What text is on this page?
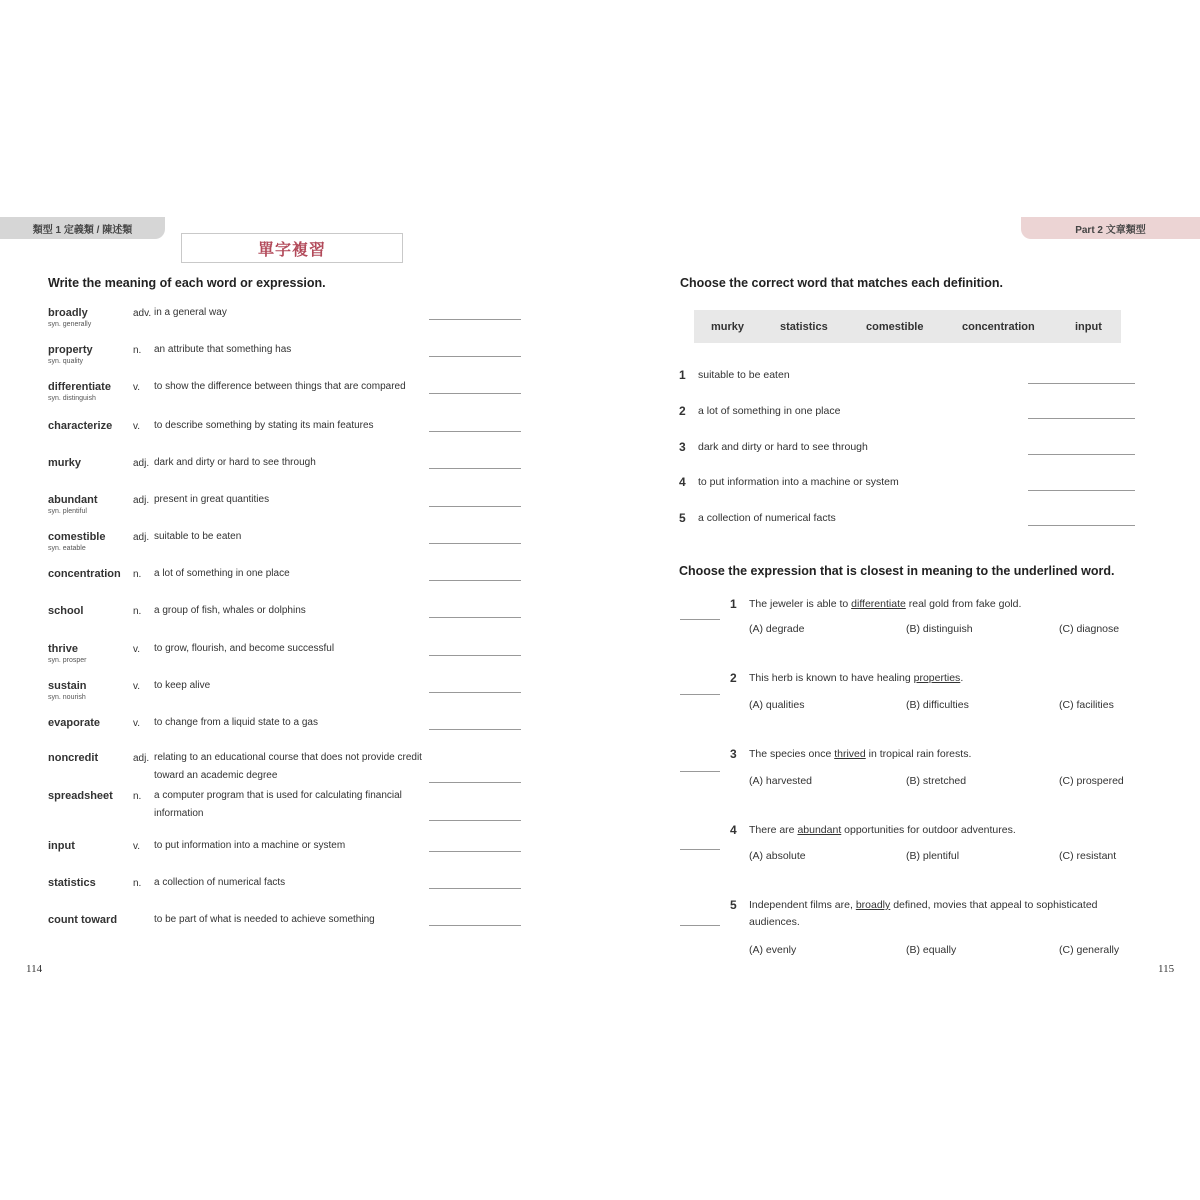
類型 1 定義類 / 陳述類	Part 2 文章類型
單字複習
Write the meaning of each word or expression.
broadly
syn. generally
adv. in a general way
property
syn. quality
n. an attribute that something has
differentiate
syn. distinguish
v. to show the difference between things that are compared
characterize v. to describe something by stating its main features
murky	adj. dark and dirty or hard to see through
abundant
syn. plentiful
adj. present in great quantities
comestible
syn. eatable
adj. suitable to be eaten
concentration n. a lot of something in one place
school	n. a group of fish, whales or dolphins
thrive
syn. prosper
v. to grow, flourish, and become successful
sustain
syn. nourish
v. to keep alive
evaporate	v. to change from a liquid state to a gas
noncredit	adj. relating to an educational course that does not provide credit toward an academic degree
spreadsheet n. a computer program that is used for calculating financial information
input	v. to put information into a machine or system
statistics	n. a collection of numerical facts
count toward	to be part of what is needed to achieve something
114
Choose the correct word that matches each definition.
murky	statistics	comestible	concentration	input
1 suitable to be eaten
2 a lot of something in one place
3 dark and dirty or hard to see through
4 to put information into a machine or system
5 a collection of numerical facts
Choose the expression that is closest in meaning to the underlined word.
1 The jeweler is able to differentiate real gold from fake gold.
(A) degrade	(B) distinguish	(C) diagnose
2 This herb is known to have healing properties.
(A) qualities	(B) difficulties	(C) facilities
3 The species once thrived in tropical rain forests.
(A) harvested	(B) stretched	(C) prospered
4 There are abundant opportunities for outdoor adventures.
(A) absolute	(B) plentiful	(C) resistant
5 Independent films are, broadly defined, movies that appeal to sophisticated
audiences.
(A) evenly	(B) equally	(C) generally
115
